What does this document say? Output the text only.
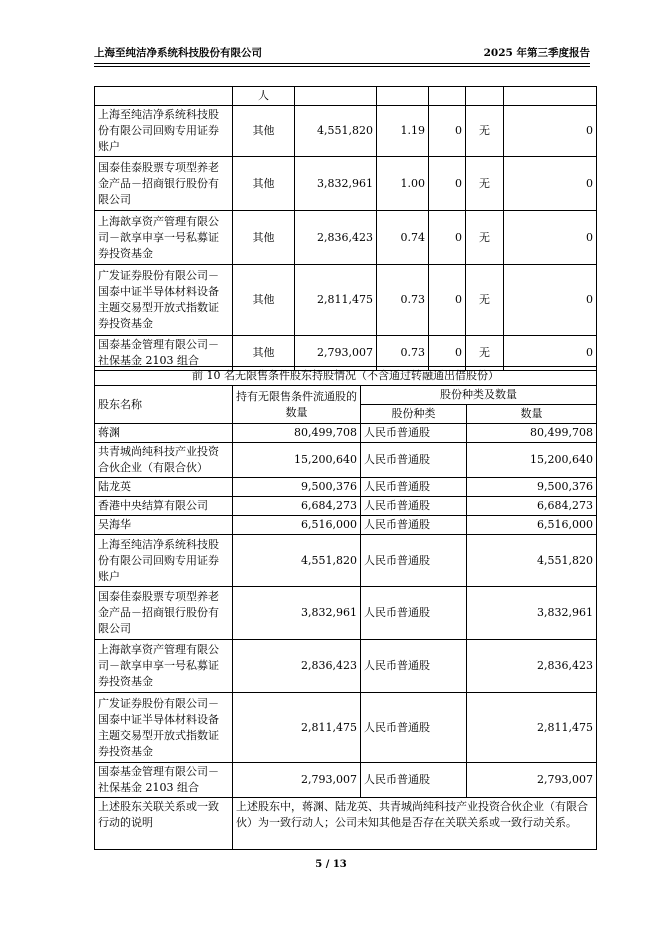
上海至纯洁净系统科技股份有限公司	2025 年第三季度报告
	人					
上海至纯洁净系统科技股份有限公司回购专用证券账户	其他	4,551,820	1.19	0	无	0
国泰佳泰股票专项型养老金产品－招商银行股份有限公司	其他	3,832,961	1.00	0	无	0
上海歆享资产管理有限公司－歆享申享一号私募证券投资基金	其他	2,836,423	0.74	0	无	0
广发证券股份有限公司－国泰中证半导体材料设备主题交易型开放式指数证券投资基金	其他	2,811,475	0.73	0	无	0
国泰基金管理有限公司－社保基金 2103 组合	其他	2,793,007	0.73	0	无	0
前 10 名无限售条件股东持股情况（不含通过转融通出借股份）			
股东名称	持有无限售条件流通股的数量	股份种类及数量	
		股份种类	数量
蒋渊	80,499,708	人民币普通股	80,499,708
共青城尚纯科技产业投资合伙企业（有限合伙）	15,200,640	人民币普通股	15,200,640
陆龙英	9,500,376	人民币普通股	9,500,376
香港中央结算有限公司	6,684,273	人民币普通股	6,684,273
吴海华	6,516,000	人民币普通股	6,516,000
上海至纯洁净系统科技股份有限公司回购专用证券账户	4,551,820	人民币普通股	4,551,820
国泰佳泰股票专项型养老金产品－招商银行股份有限公司	3,832,961	人民币普通股	3,832,961
上海歆享资产管理有限公司－歆享申享一号私募证券投资基金	2,836,423	人民币普通股	2,836,423
广发证券股份有限公司－国泰中证半导体材料设备主题交易型开放式指数证券投资基金	2,811,475	人民币普通股	2,811,475
国泰基金管理有限公司－社保基金 2103 组合	2,793,007	人民币普通股	2,793,007
上述股东关联关系或一致行动的说明	上述股东中，蒋渊、陆龙英、共青城尚纯科技产业投资合伙企业（有限合伙）为一致行动人；公司未知其他是否存在关联关系或一致行动关系。		
5 / 13
